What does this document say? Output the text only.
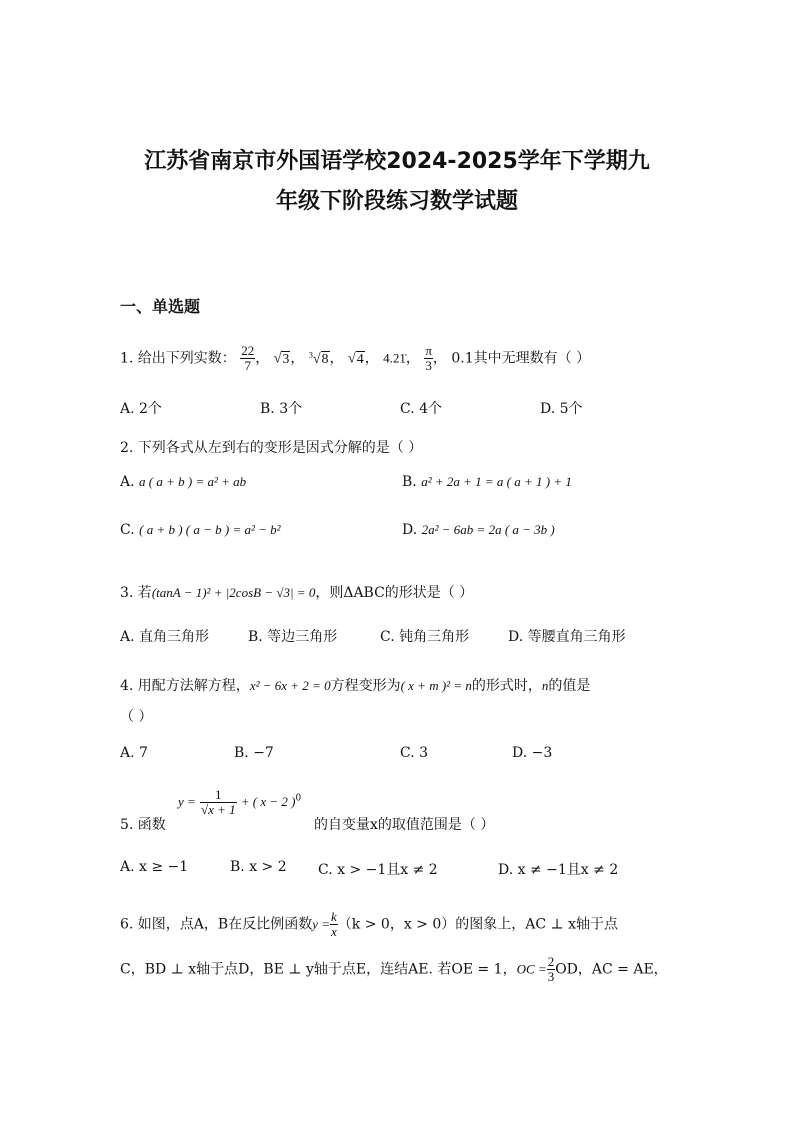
江苏省南京市外国语学校2024-2025学年下学期九
年级下阶段练习数学试题
一、单选题
1. 给出下列实数： $\frac{22}{7}$ ， √3， $^3$√8， √4， 4.21̇， $\frac{\pi}{3}$ ， 0.1其中无理数有（ ）
A. 2个	B. 3个	C. 4个	D. 5个
2. 下列各式从左到右的变形是因式分解的是（ ）
A. a ( a + b ) = a² + ab	B. a² + 2a + 1 = a ( a + 1 ) + 1
C. ( a + b ) ( a − b ) = a² − b²	D. 2a² − 6ab = 2a ( a − 3b )
3. 若(tanA − 1)² + |2cosB − √3| = 0，则ΔABC的形状是（ ）
A. 直角三角形	B. 等边三角形	C. 钝角三角形	D. 等腰直角三角形
4. 用配方法解方程，x² − 6x + 2 = 0方程变形为( x + m )² = n的形式时，n的值是
（ ）
A. 7	B. −7	C. 3	D. −3
5. 函数
$y = \frac{1}{√x + 1}$ + ( x − 2 )$^0$
的自变量x的取值范围是（ ）
A. x ≥ −1	B. x > 2 C. x > −1且x ≠ 2	D. x ≠ −1且x ≠ 2
6. 如图，点A，B在反比例函数$y = \frac{k}{x} (k > 0$，x > 0）的图象上，AC ⊥ x轴于点
C，BD ⊥ x轴于点D，BE ⊥ y轴于点E，连结AE. 若OE = 1，OC = $\frac{2}{3}$ OD，AC = AE，
